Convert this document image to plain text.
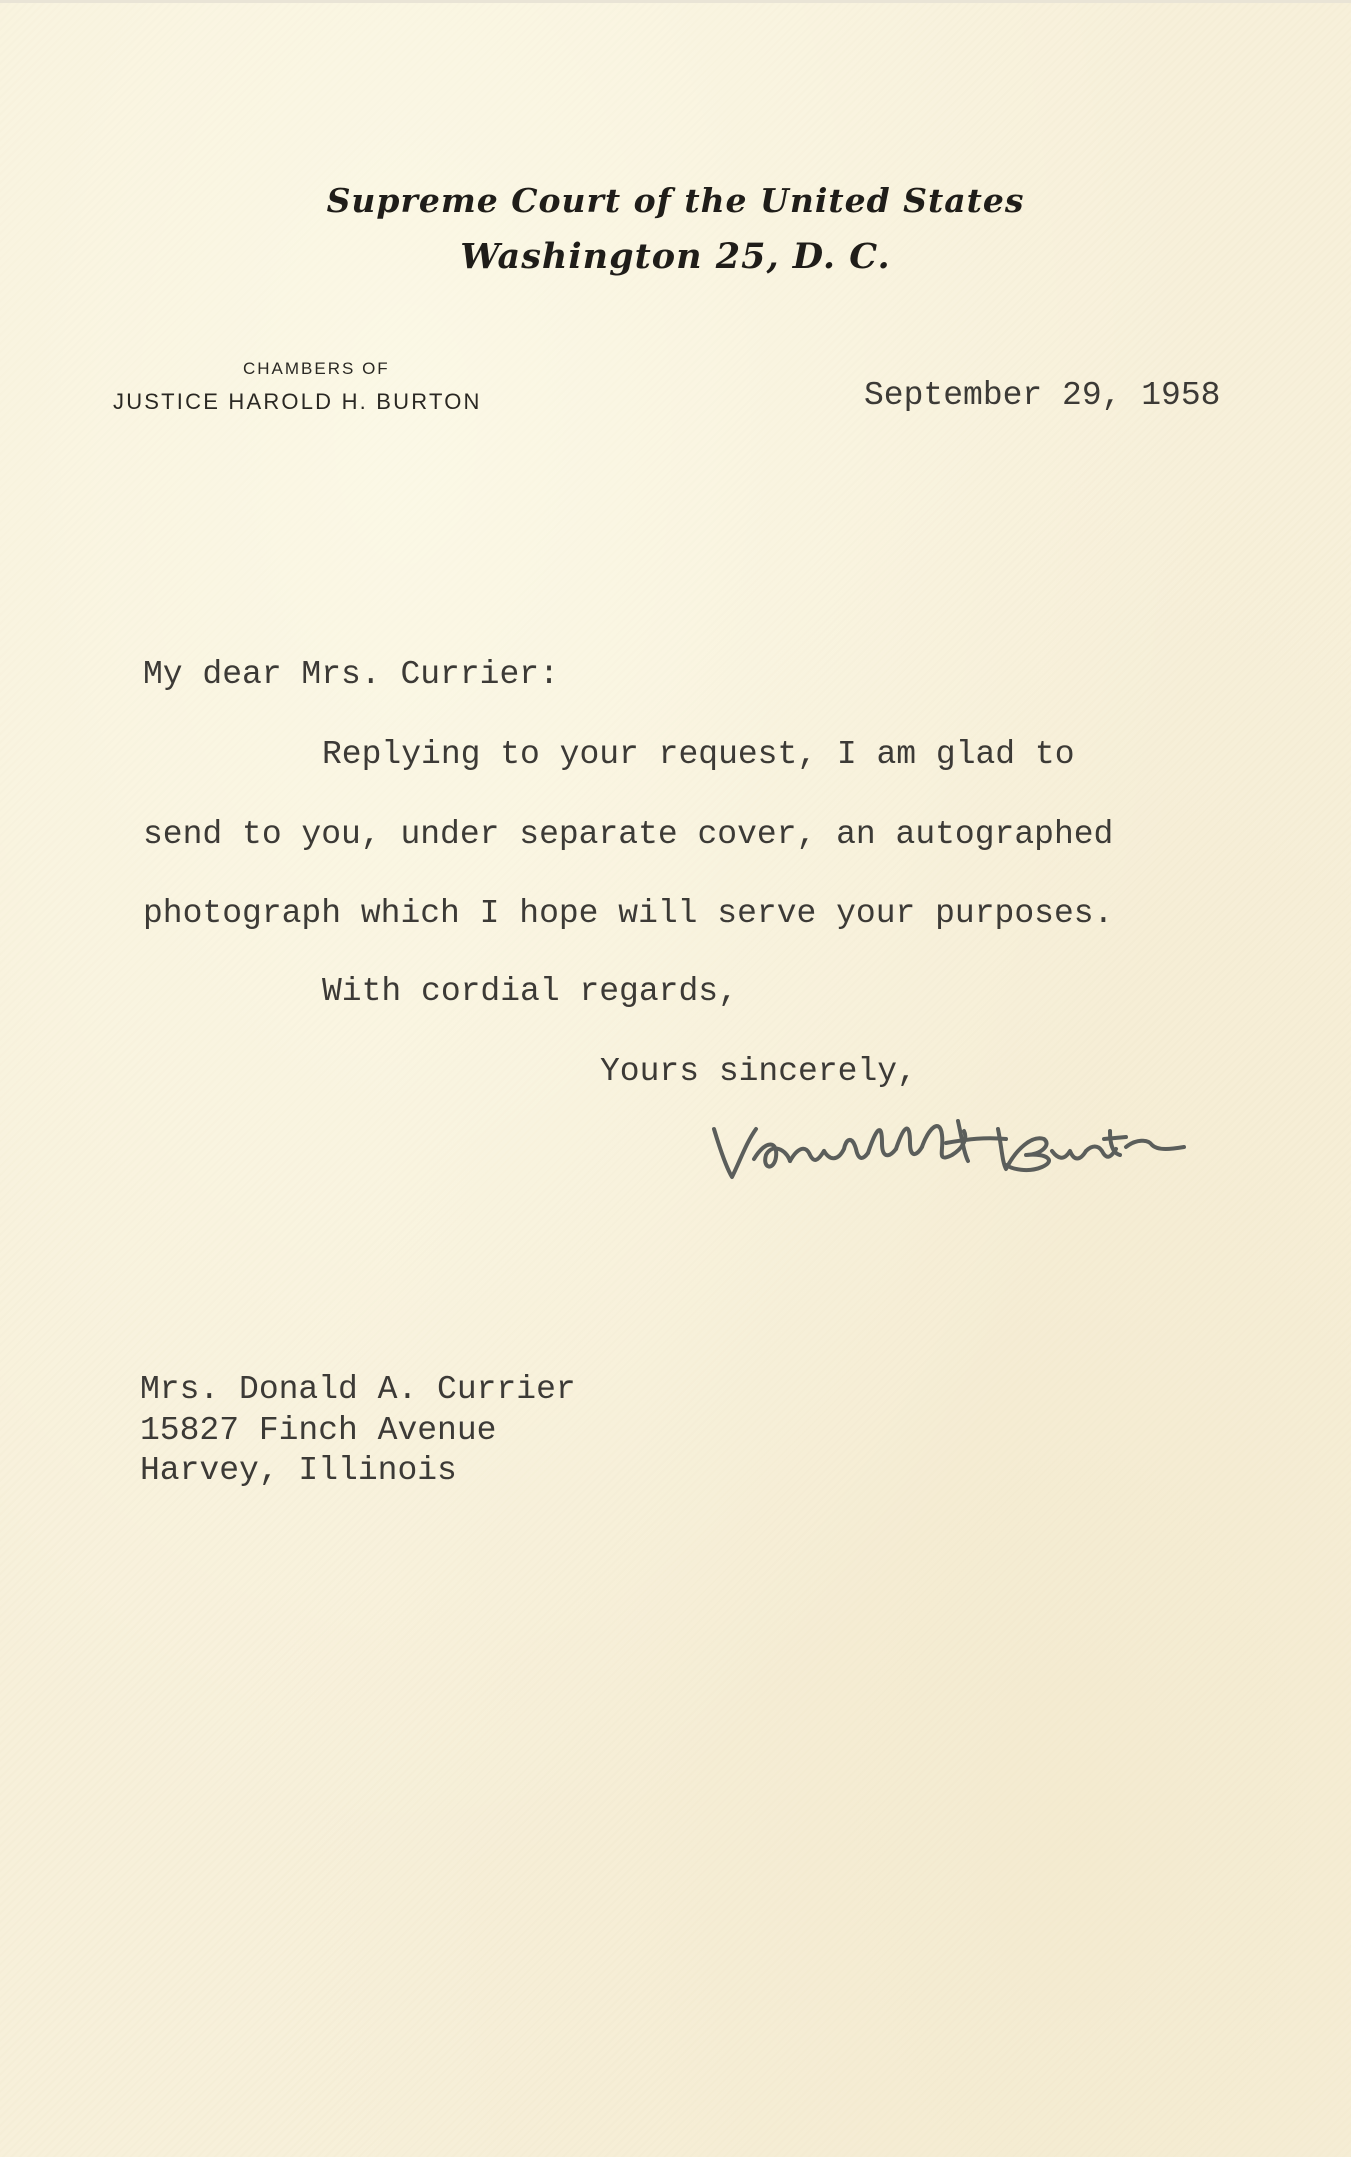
Supreme Court of the United States
Washington 25, D. C.
CHAMBERS OF
JUSTICE HAROLD H. BURTON	September 29, 1958
My dear Mrs. Currier:
Replying to your request, I am glad to
send to you, under separate cover, an autographed
photograph which I hope will serve your purposes.
With cordial regards,
Yours sincerely,
Mrs. Donald A. Currier
15827 Finch Avenue
Harvey, Illinois
